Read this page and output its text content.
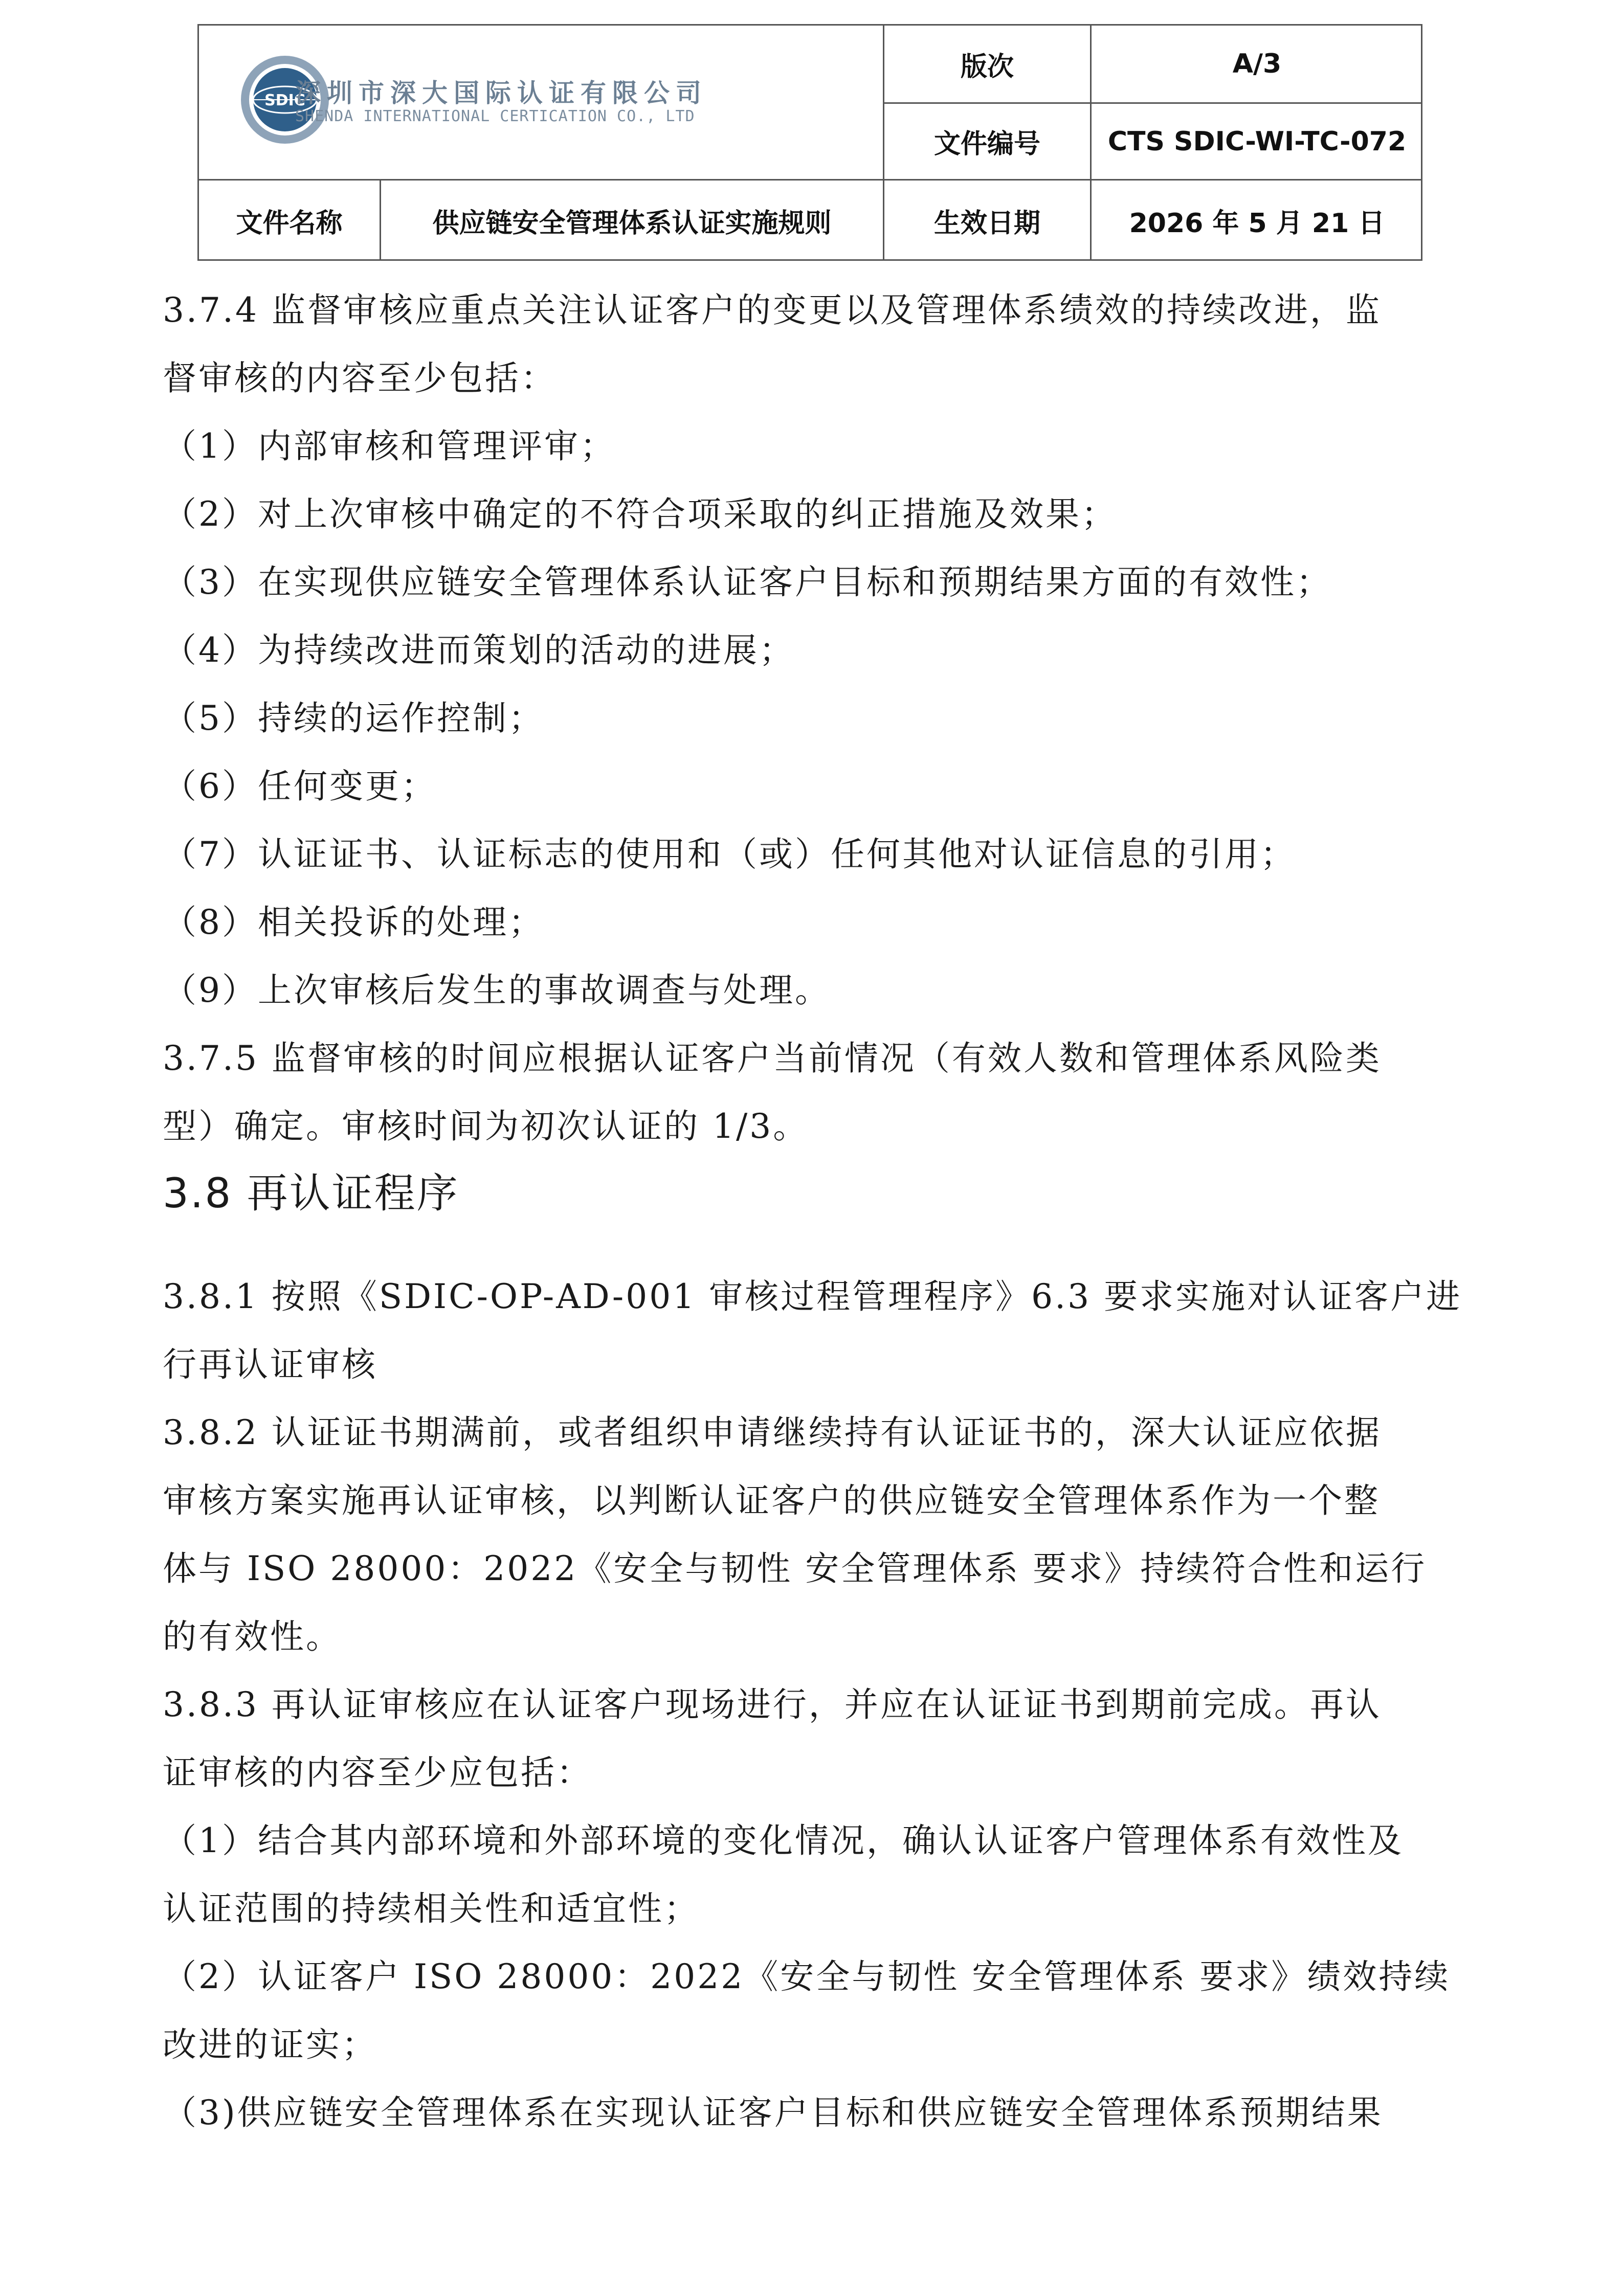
SDIC
深圳市深大国际认证有限公司
SHENDA INTERNATIONAL CERTICATION CO., LTD
版次	A/3
文件编号	CTS SDIC-WI-TC-072
文件名称	供应链安全管理体系认证实施规则	生效日期	2026 年 5 月 21 日

3.7.4 监督审核应重点关注认证客户的变更以及管理体系绩效的持续改进，监

督审核的内容至少包括：

（1）内部审核和管理评审；

（2）对上次审核中确定的不符合项采取的纠正措施及效果；

（3）在实现供应链安全管理体系认证客户目标和预期结果方面的有效性；

（4）为持续改进而策划的活动的进展；

（5）持续的运作控制；

（6）任何变更；

（7）认证证书、认证标志的使用和（或）任何其他对认证信息的引用；

（8）相关投诉的处理；

（9）上次审核后发生的事故调查与处理。

3.7.5 监督审核的时间应根据认证客户当前情况（有效人数和管理体系风险类

型）确定。审核时间为初次认证的 1/3。

3.8 再认证程序

3.8.1 按照《SDIC-OP-AD-001 审核过程管理程序》6.3 要求实施对认证客户进

行再认证审核

3.8.2 认证证书期满前，或者组织申请继续持有认证证书的，深大认证应依据

审核方案实施再认证审核，以判断认证客户的供应链安全管理体系作为一个整

体与 ISO 28000：2022《安全与韧性 安全管理体系 要求》持续符合性和运行

的有效性。

3.8.3 再认证审核应在认证客户现场进行，并应在认证证书到期前完成。再认

证审核的内容至少应包括：

（1）结合其内部环境和外部环境的变化情况，确认认证客户管理体系有效性及

认证范围的持续相关性和适宜性；

（2）认证客户 ISO 28000：2022《安全与韧性 安全管理体系 要求》绩效持续

改进的证实；

（3)供应链安全管理体系在实现认证客户目标和供应链安全管理体系预期结果
